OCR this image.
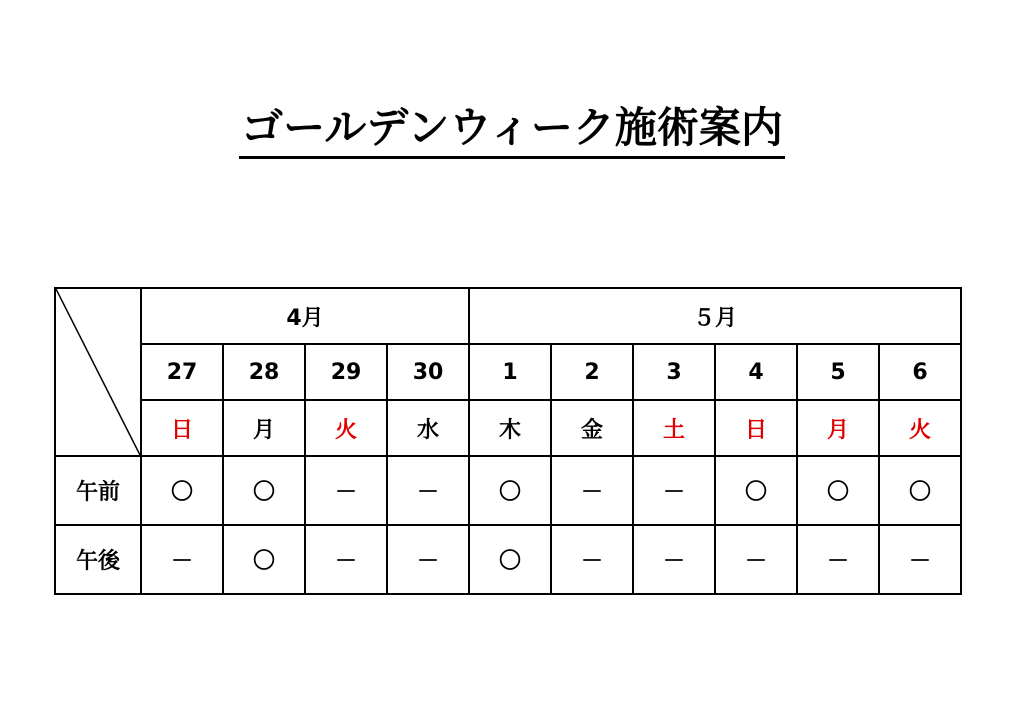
ゴールデンウィーク施術案内
	4月				５月					
	27	28	29	30	1	2	3	4	5	6
	日	月	火	水	木	金	土	日	月	火
午前	〇	〇	－	－	〇	－	－	〇	〇	〇
午後	－	〇	－	－	〇	－	－	－	－	－
